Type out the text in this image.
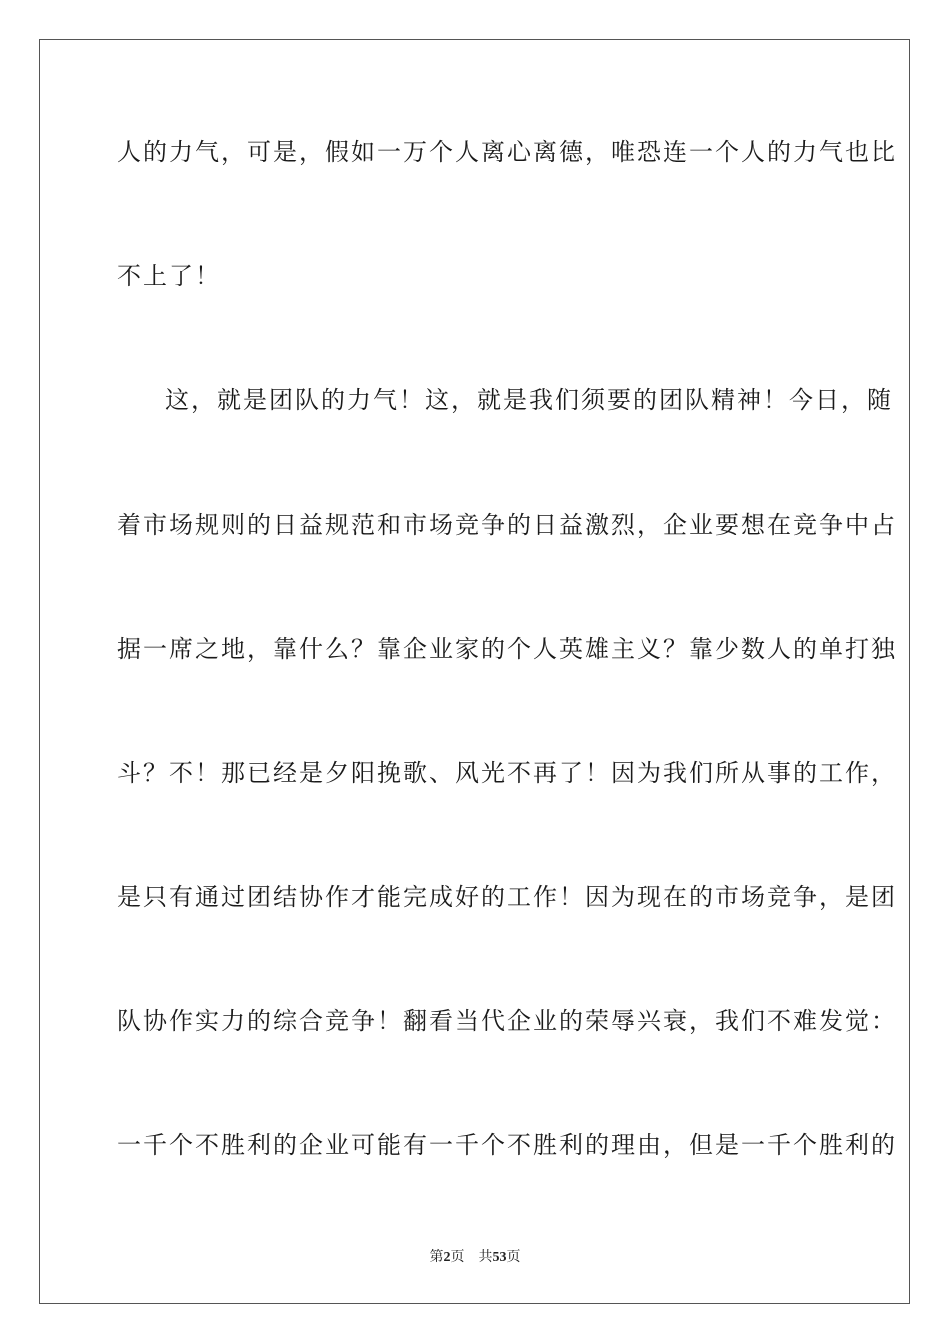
人的力气，可是，假如一万个人离心离德，唯恐连一个人的力气也比
不上了！
这，就是团队的力气！这，就是我们须要的团队精神！今日，随
着市场规则的日益规范和市场竞争的日益激烈，企业要想在竞争中占
据一席之地，靠什么？靠企业家的个人英雄主义？靠少数人的单打独
斗？不！那已经是夕阳挽歌、风光不再了！因为我们所从事的工作，
是只有通过团结协作才能完成好的工作！因为现在的市场竞争，是团
队协作实力的综合竞争！翻看当代企业的荣辱兴衰，我们不难发觉：
一千个不胜利的企业可能有一千个不胜利的理由，但是一千个胜利的
第2页 共53页
